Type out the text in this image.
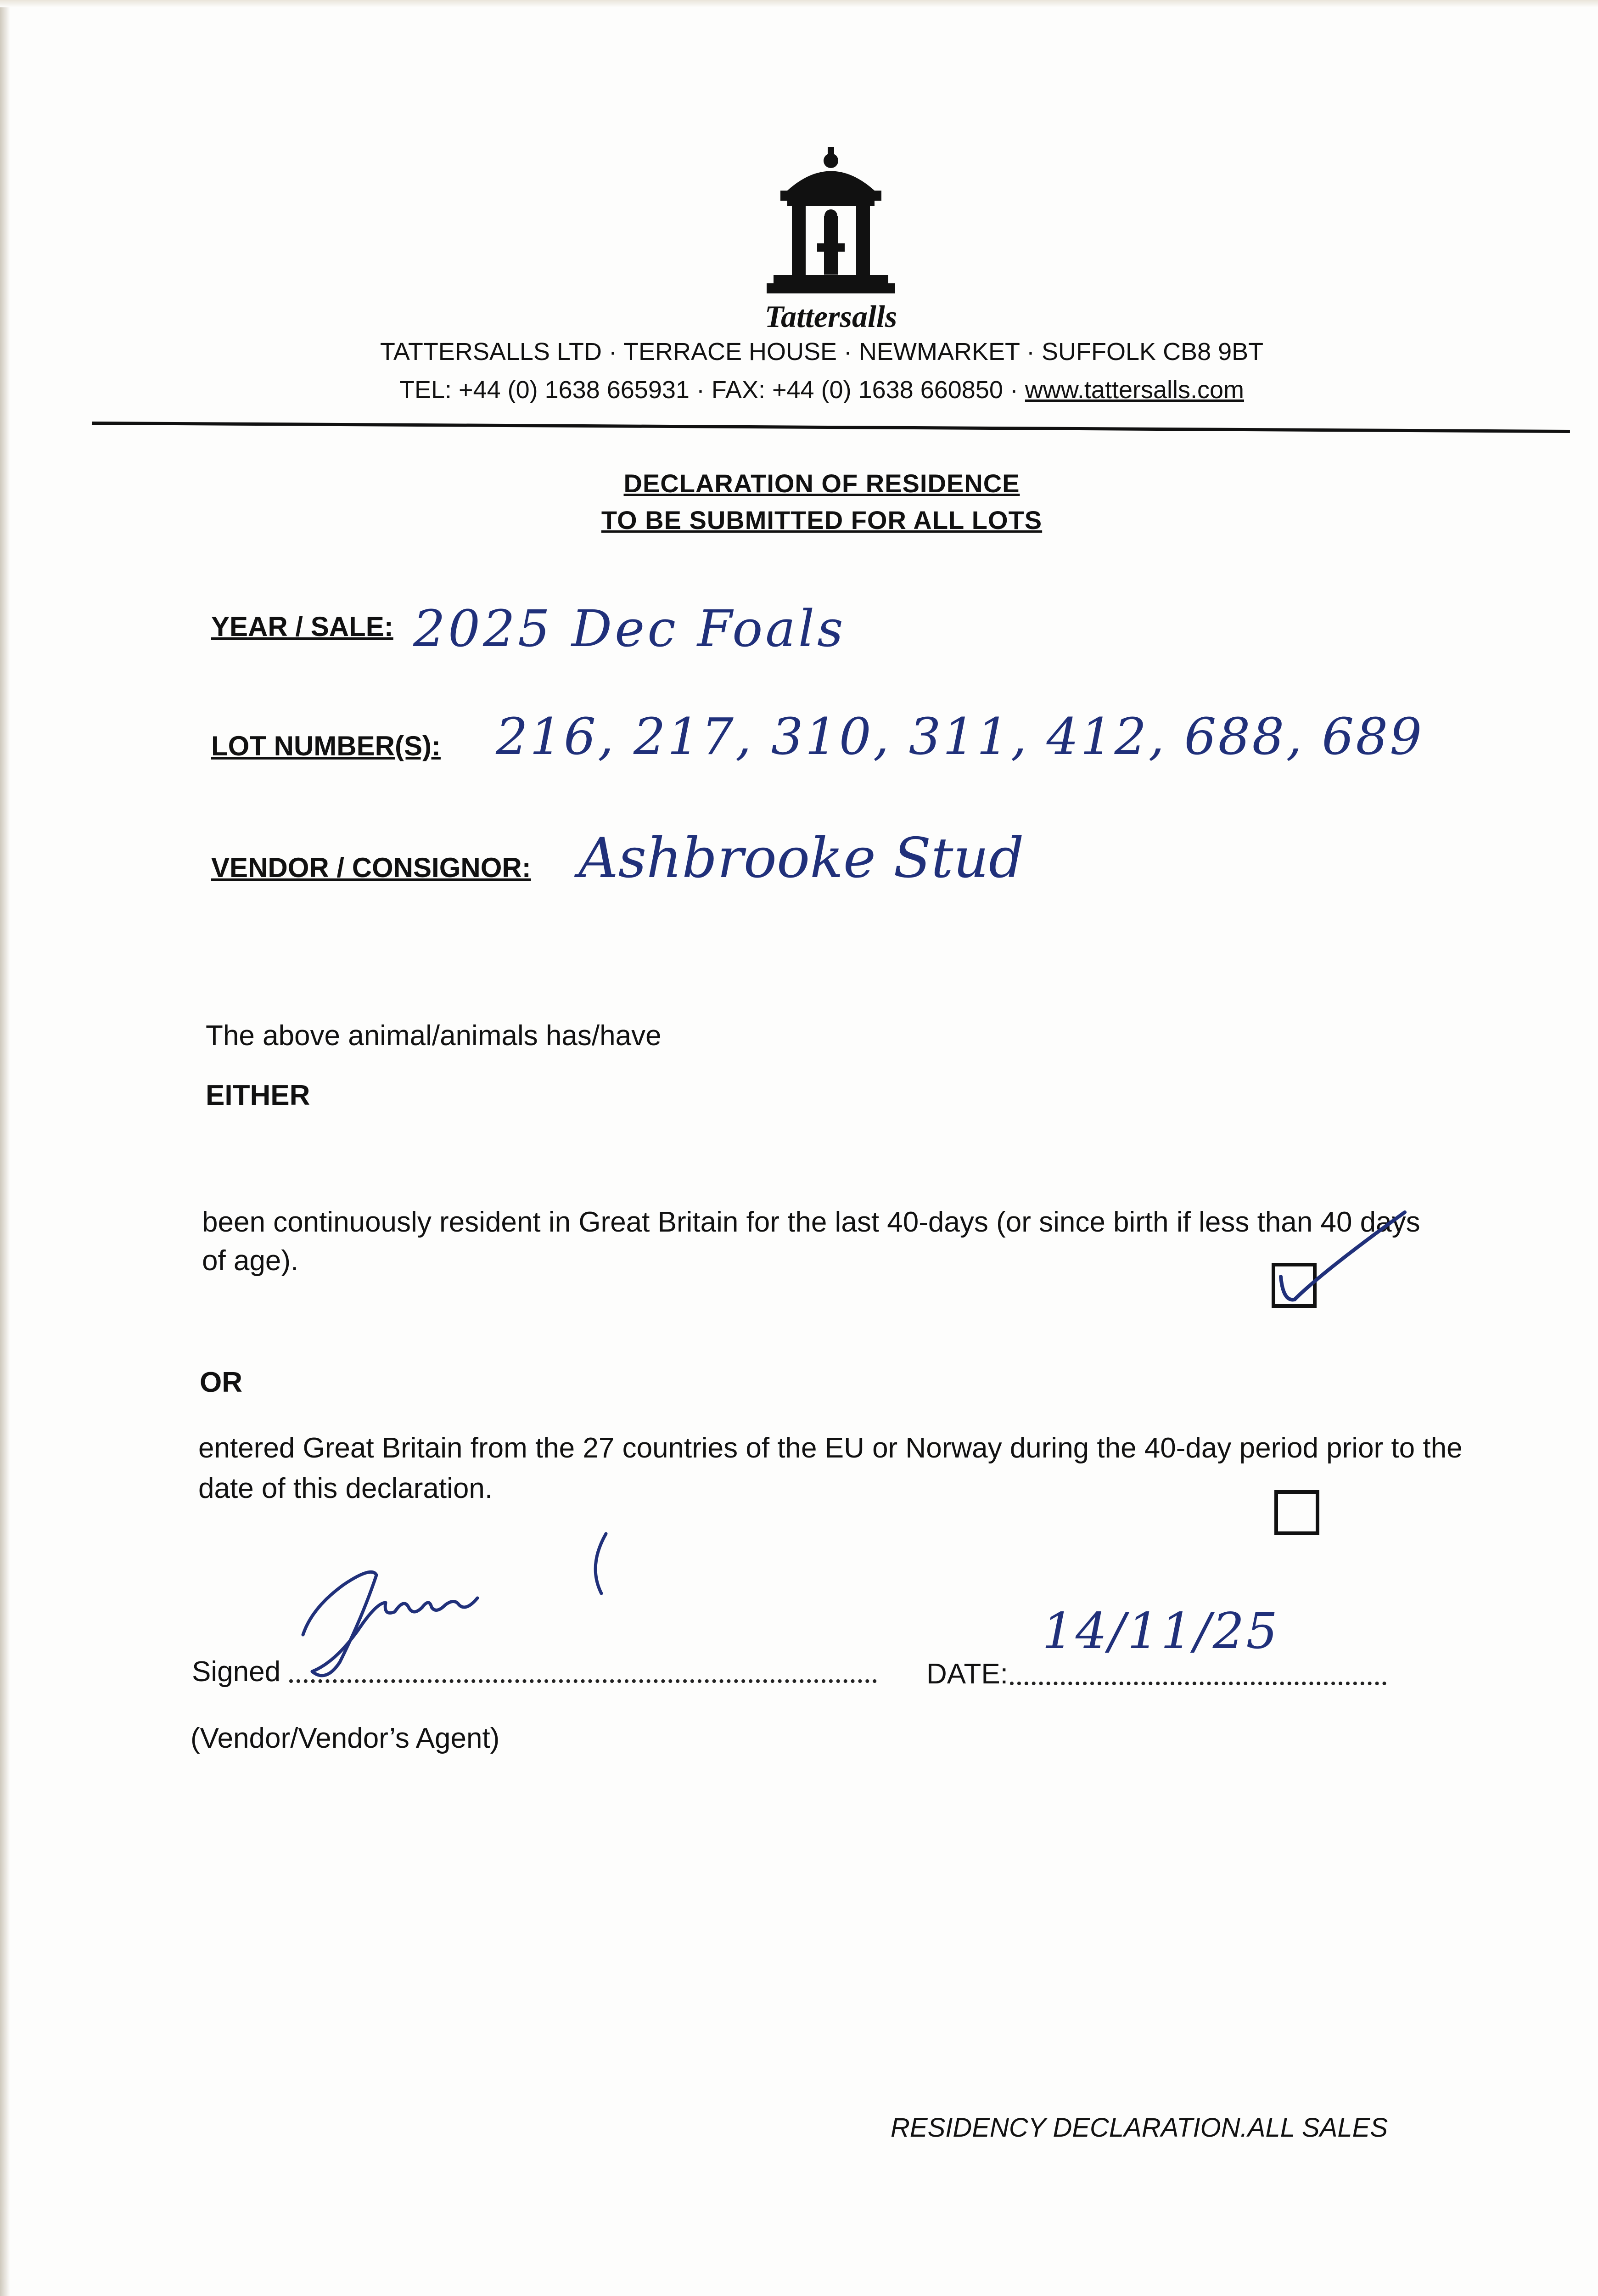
Tattersalls
TATTERSALLS LTD · TERRACE HOUSE · NEWMARKET · SUFFOLK CB8 9BT
TEL: +44 (0) 1638 665931 · FAX: +44 (0) 1638 660850 · www.tattersalls.com
DECLARATION OF RESIDENCE
TO BE SUBMITTED FOR ALL LOTS
YEAR / SALE: 2025 Dec Foals
LOT NUMBER(S): 216, 217, 310, 311, 412, 688, 689
VENDOR / CONSIGNOR: Ashbrooke Stud
The above animal/animals has/have
EITHER
been continuously resident in Great Britain for the last 40-days (or since birth if less than 40 days of age).
OR
entered Great Britain from the 27 countries of the EU or Norway during the 40-day period prior to the date of this declaration.
Signed
(Vendor/Vendor’s Agent)
DATE:
14/11/25
RESIDENCY DECLARATION.ALL SALES
